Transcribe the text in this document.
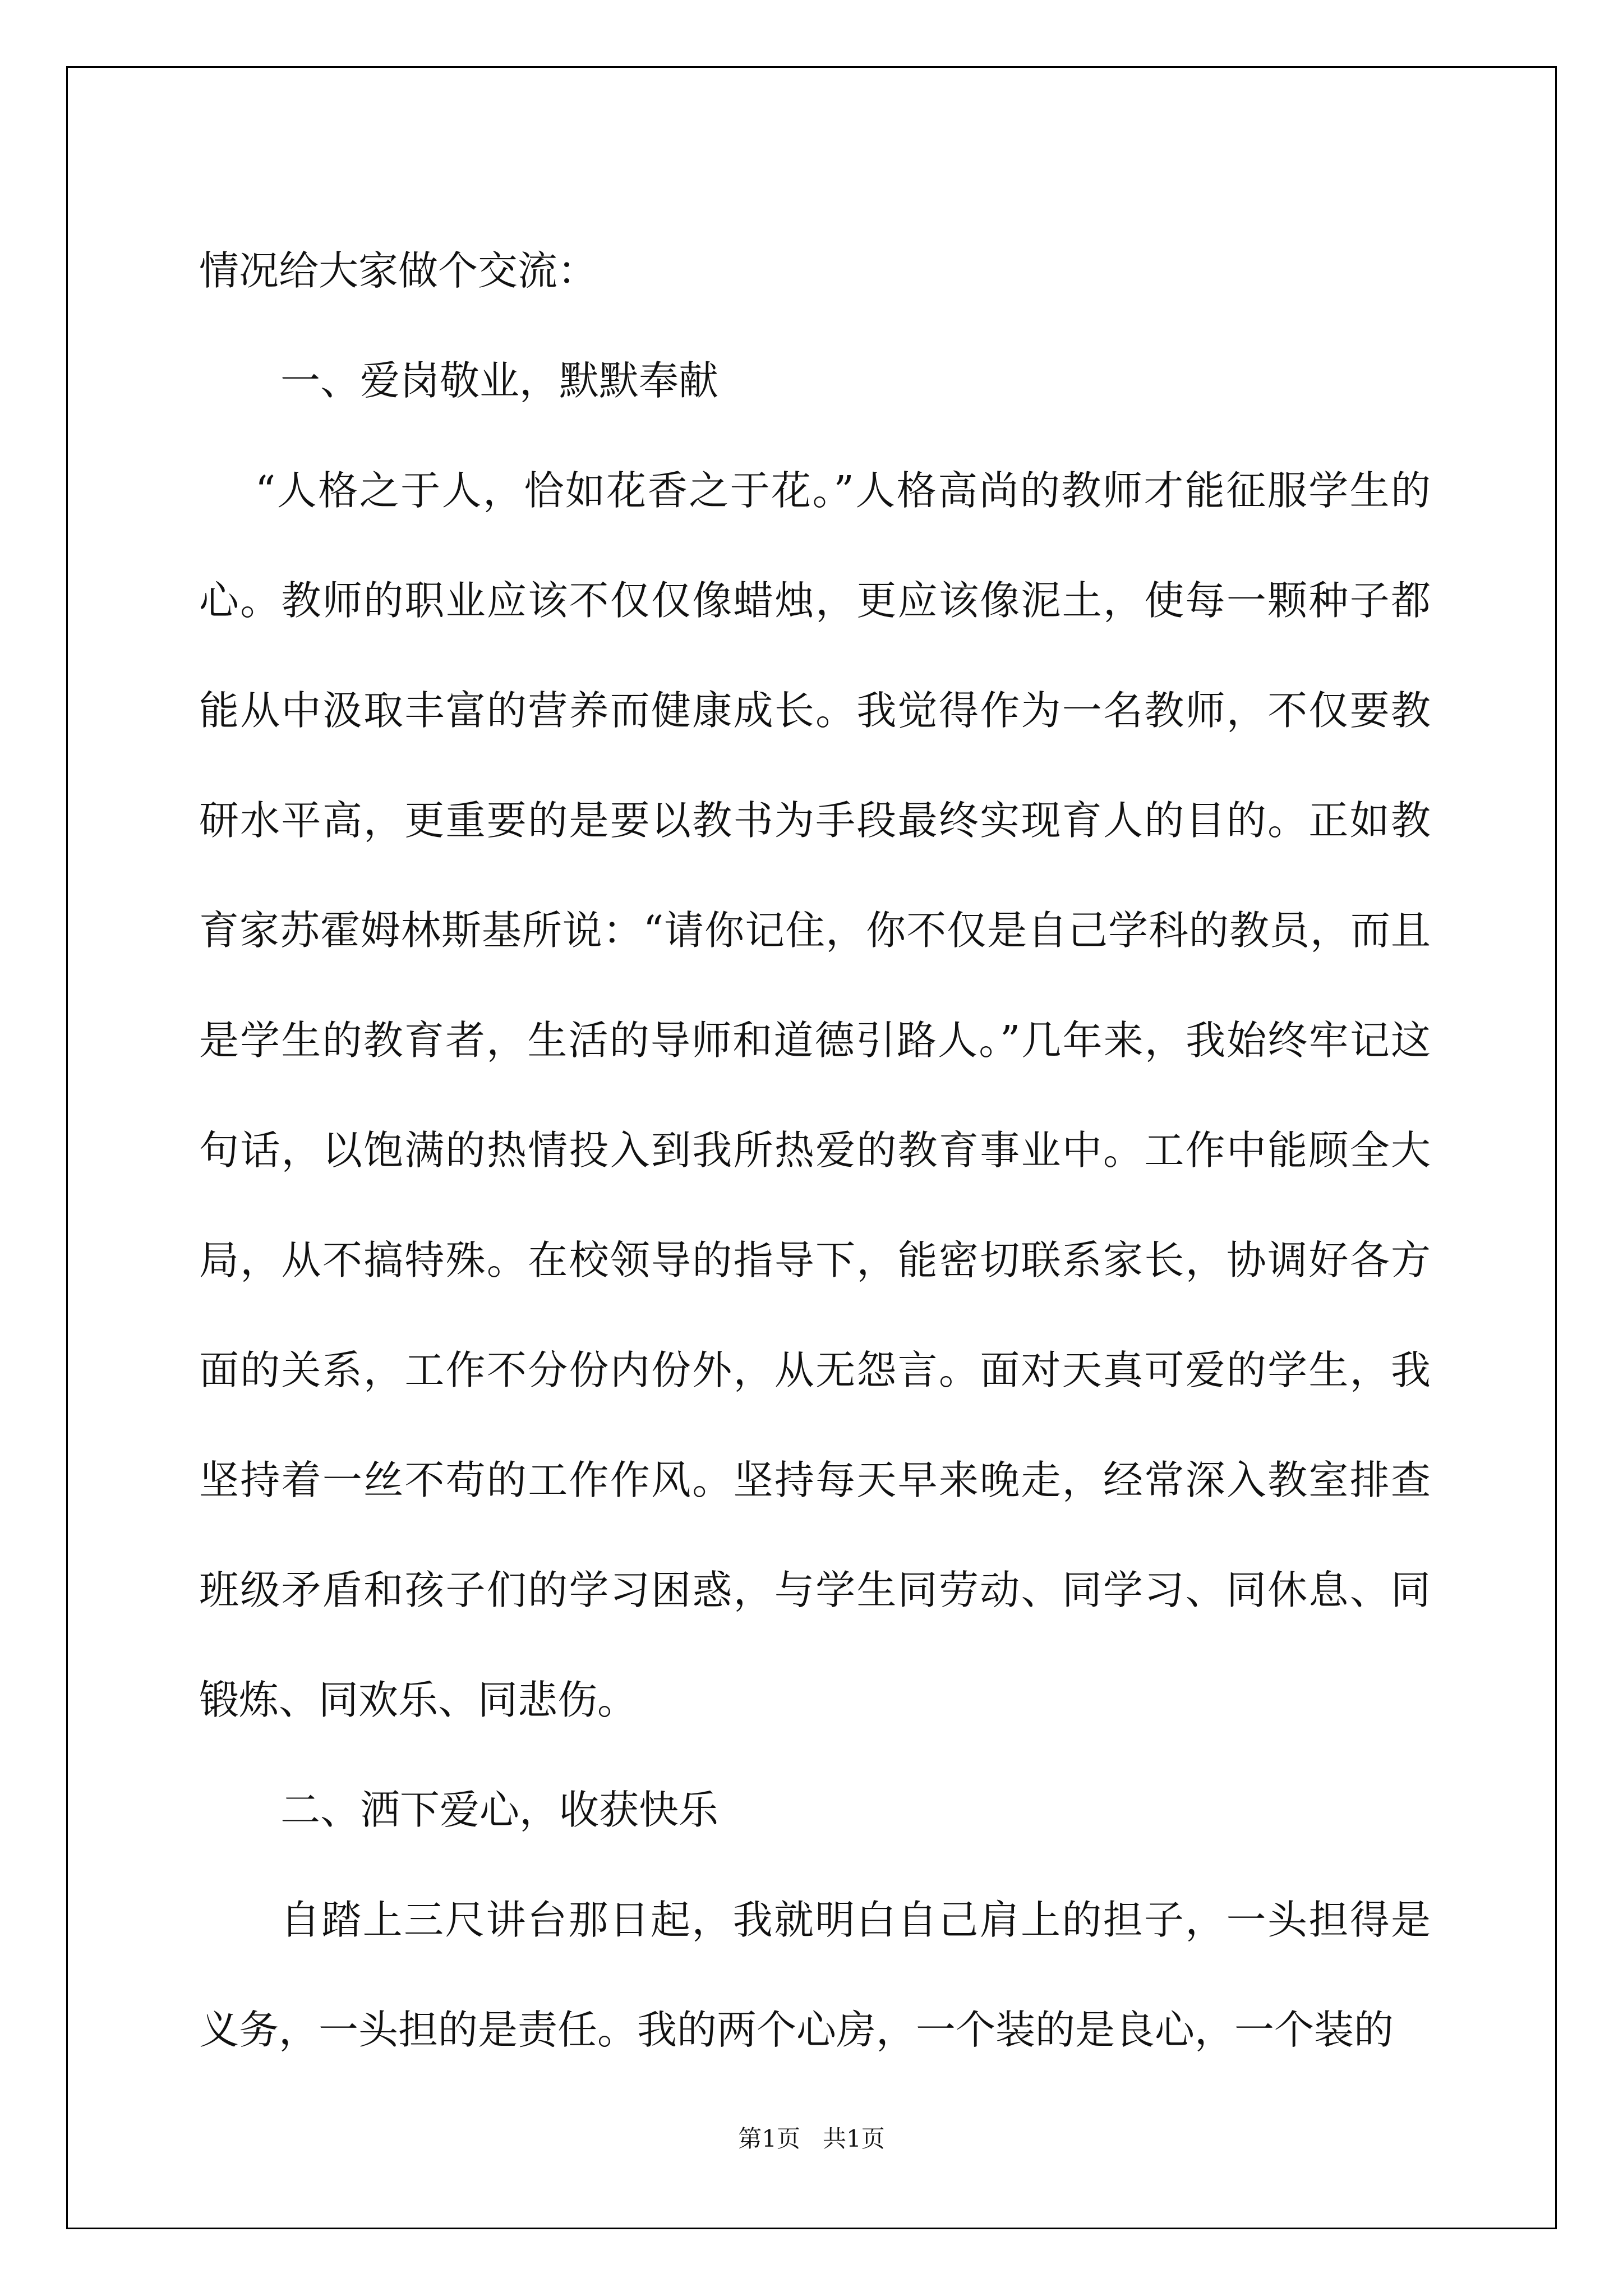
情况给大家做个交流：

一、爱岗敬业，默默奉献

“人格之于人，恰如花香之于花。”人格高尚的教师才能征服学生的心。教师的职业应该不仅仅像蜡烛，更应该像泥土，使每一颗种子都能从中汲取丰富的营养而健康成长。我觉得作为一名教师，不仅要教研水平高，更重要的是要以教书为手段最终实现育人的目的。正如教育家苏霍姆林斯基所说：“请你记住，你不仅是自己学科的教员，而且是学生的教育者，生活的导师和道德引路人。”几年来，我始终牢记这句话，以饱满的热情投入到我所热爱的教育事业中。工作中能顾全大局，从不搞特殊。在校领导的指导下，能密切联系家长，协调好各方面的关系，工作不分份内份外，从无怨言。面对天真可爱的学生，我坚持着一丝不苟的工作作风。坚持每天早来晚走，经常深入教室排查班级矛盾和孩子们的学习困惑，与学生同劳动、同学习、同休息、同锻炼、同欢乐、同悲伤。

二、洒下爱心，收获快乐

自踏上三尺讲台那日起，我就明白自己肩上的担子，一头担得是义务，一头担的是责任。我的两个心房，一个装的是良心，一个装的

第1页   共1页
